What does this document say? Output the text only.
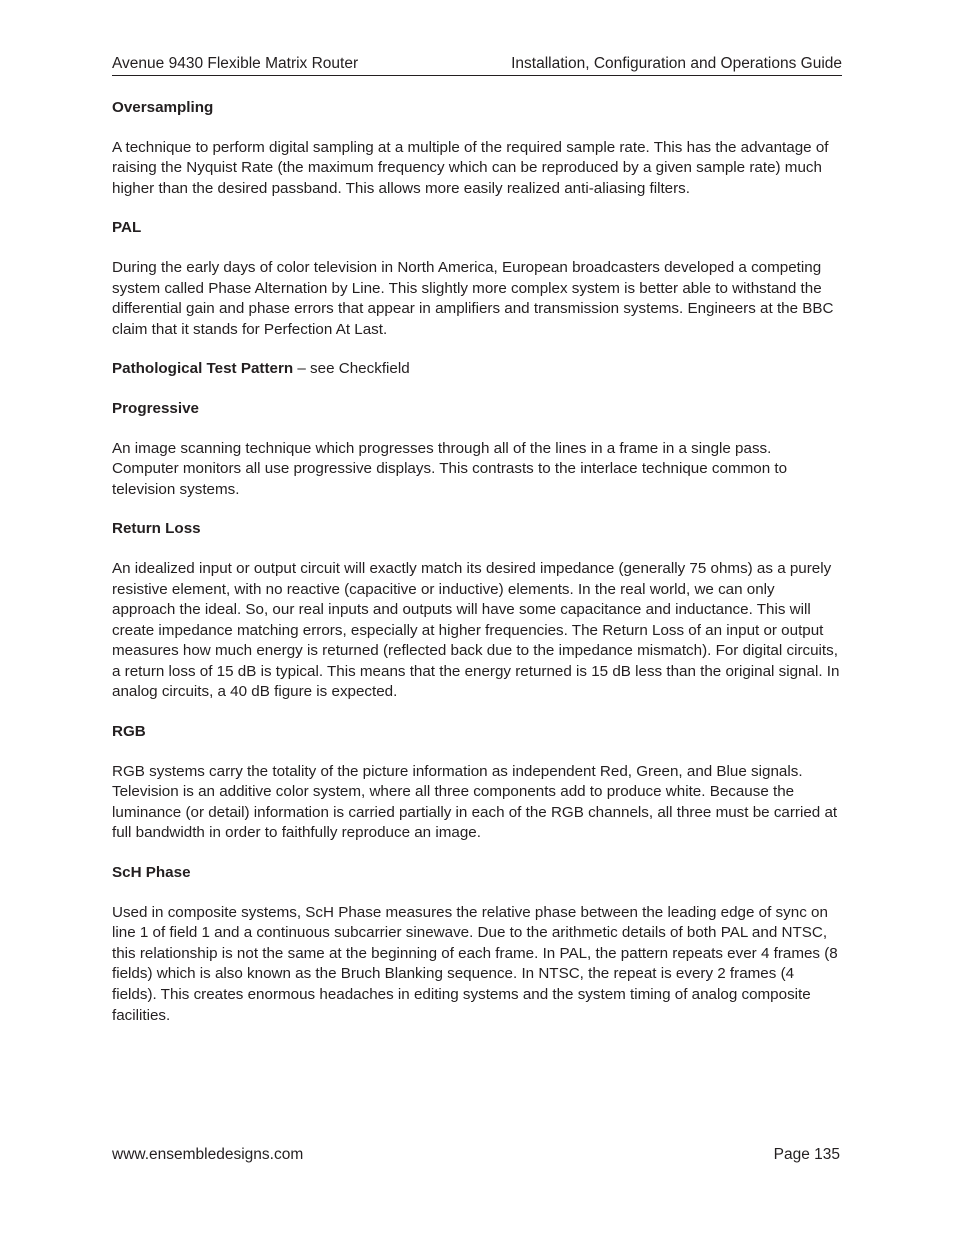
Avenue 9430 Flexible Matrix Router	Installation, Configuration and Operations Guide

Oversampling

A technique to perform digital sampling at a multiple of the required sample rate. This has the advantage of raising the Nyquist Rate (the maximum frequency which can be reproduced by a given sample rate) much higher than the desired passband. This allows more easily realized anti-aliasing filters.

PAL

During the early days of color television in North America, European broadcasters developed a competing system called Phase Alternation by Line. This slightly more complex system is better able to withstand the differential gain and phase errors that appear in amplifiers and transmission systems. Engineers at the BBC claim that it stands for Perfection At Last.

Pathological Test Pattern – see Checkfield

Progressive

An image scanning technique which progresses through all of the lines in a frame in a single pass. Computer monitors all use progressive displays. This contrasts to the interlace technique common to television systems.

Return Loss

An idealized input or output circuit will exactly match its desired impedance (generally 75 ohms) as a purely resistive element, with no reactive (capacitive or inductive) elements. In the real world, we can only approach the ideal. So, our real inputs and outputs will have some capacitance and inductance. This will create impedance matching errors, especially at higher frequencies. The Return Loss of an input or output measures how much energy is returned (reflected back due to the impedance mismatch). For digital circuits, a return loss of 15 dB is typical. This means that the energy returned is 15 dB less than the original signal. In analog circuits, a 40 dB figure is expected.

RGB

RGB systems carry the totality of the picture information as independent Red, Green, and Blue signals. Television is an additive color system, where all three components add to produce white. Because the luminance (or detail) information is carried partially in each of the RGB channels, all three must be carried at full bandwidth in order to faithfully reproduce an image.

ScH Phase

Used in composite systems, ScH Phase measures the relative phase between the leading edge of sync on line 1 of field 1 and a continuous subcarrier sinewave. Due to the arithmetic details of both PAL and NTSC, this relationship is not the same at the beginning of each frame. In PAL, the pattern repeats ever 4 frames (8 fields) which is also known as the Bruch Blanking sequence. In NTSC, the repeat is every 2 frames (4 fields). This creates enormous headaches in editing systems and the system timing of analog composite facilities.

www.ensembledesigns.com	Page 135
